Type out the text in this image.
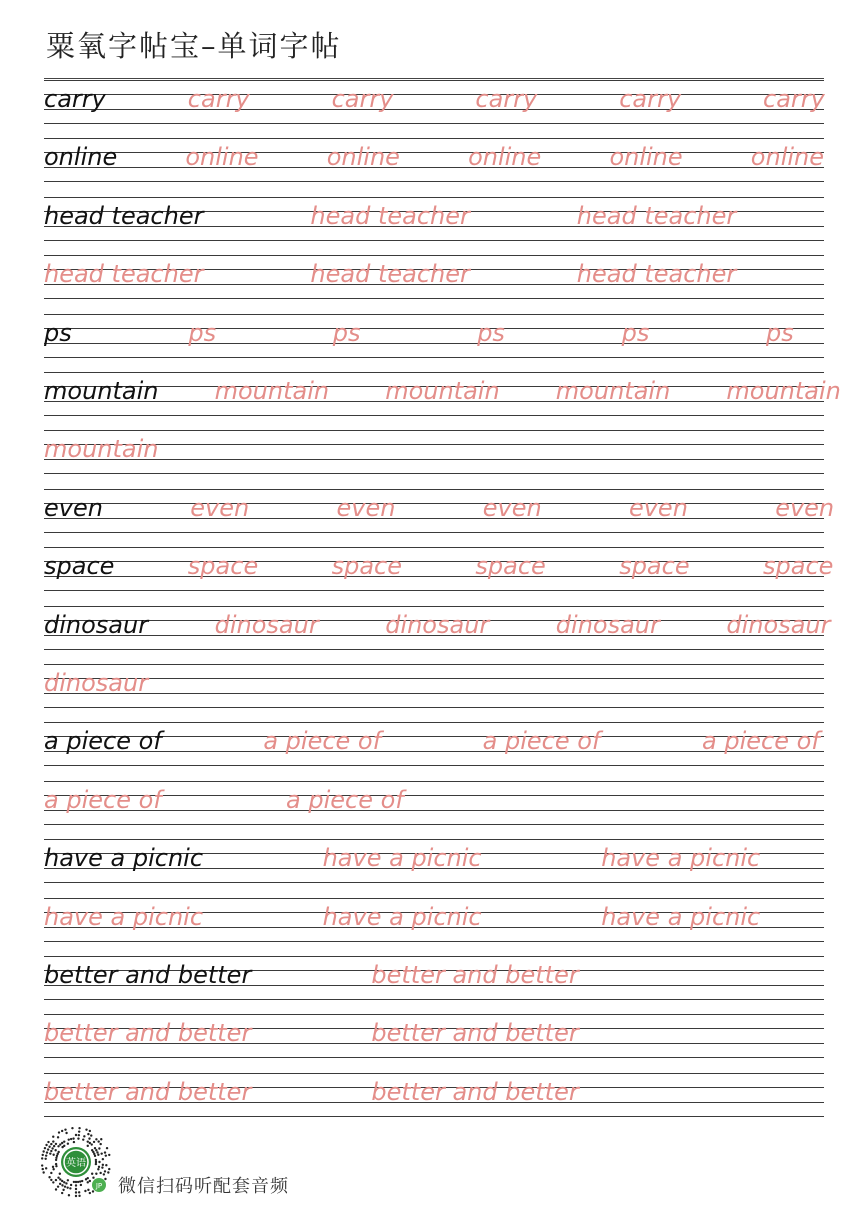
粟氧字帖宝–单词字帖
carry	carry	carry	carry	carry	carry
online	online	online	online	online	online
head teacher	head teacher	head teacher
head teacher	head teacher	head teacher
ps	ps	ps	ps	ps	ps
mountain mountain mountain mountain mountain
mountain
even	even	even	even	even	even
space	space	space	space	space	space
dinosaur	dinosaur	dinosaur	dinosaur	dinosaur
dinosaur
a piece of	a piece of	a piece of	a piece of
a piece of	a piece of
have a picnic	have a picnic	have a picnic
have a picnic	have a picnic	have a picnic
better and better	better and better
better and better	better and better
better and better	better and better
英语
JP 微信扫码听配套音频
